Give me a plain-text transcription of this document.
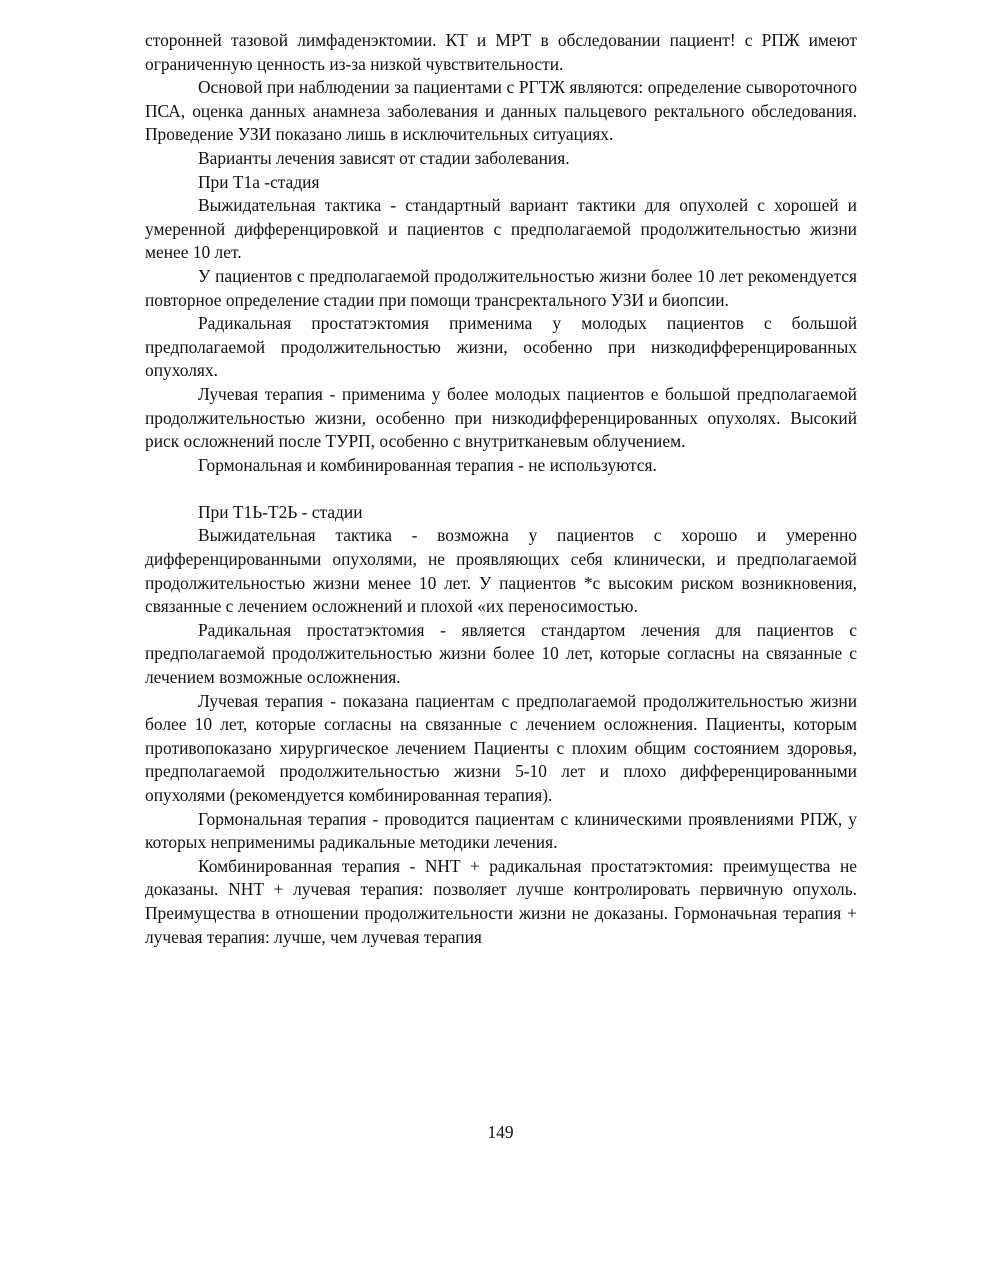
сторонней тазовой лимфаденэктомии. КТ и МРТ в обследовании пациент! с РПЖ имеют ограниченную ценность из-за низкой чувствительности.

Основой при наблюдении за пациентами с РГТЖ являются: определение сывороточного ПСА, оценка данных анамнеза заболевания и данных пальцевого ректального обследования. Проведение УЗИ показано лишь в исключительных ситуациях.

Варианты лечения зависят от стадии заболевания.

При Т1а -стадия

Выжидательная тактика - стандартный вариант тактики для опухолей с хорошей и умеренной дифференцировкой и пациентов с предполагаемой продолжительностью жизни менее 10 лет.

У пациентов с предполагаемой продолжительностью жизни более 10 лет рекомендуется повторное определение стадии при помощи трансректального УЗИ и биопсии.

Радикальная простатэктомия применима у молодых пациентов с большой предполагаемой продолжительностью жизни, особенно при низкодифференцированных опухолях.

Лучевая терапия - применима у более молодых пациентов е большой предполагаемой продолжительностью жизни, особенно при низкодифференцированных опухолях. Высокий риск осложнений после ТУРП, особенно с внутритканевым облучением.

Гормональная и комбинированная терапия - не используются.

При Т1Ь-Т2Ь - стадии

Выжидательная тактика - возможна у пациентов с хорошо и умеренно дифференцированными опухолями, не проявляющих себя клинически, и предполагаемой продолжительностью жизни менее 10 лет. У пациентов *с высоким риском возникновения, связанные с лечением осложнений и плохой «их переносимостью.

Радикальная простатэктомия - является стандартом лечения для пациентов с предполагаемой продолжительностью жизни более 10 лет, которые согласны на связанные с лечением возможные осложнения.

Лучевая терапия - показана пациентам с предполагаемой продолжительностью жизни более 10 лет, которые согласны на связанные с лечением осложнения. Пациенты, которым противопоказано хирургическое лечением Пациенты с плохим общим состоянием здоровья, предполагаемой продолжительностью жизни 5-10 лет и плохо дифференцированными опухолями (рекомендуется комбинированная терапия).

Гормональная терапия - проводится пациентам с клиническими проявлениями РПЖ, у которых неприменимы радикальные методики лечения.

Комбинированная терапия - NHT + радикальная простатэктомия: преимущества не доказаны. NHT + лучевая терапия: позволяет лучше контролировать первичную опухоль. Преимущества в отношении продолжительности жизни не доказаны. Гормоначьная терапия + лучевая терапия: лучше, чем лучевая терапия

149
